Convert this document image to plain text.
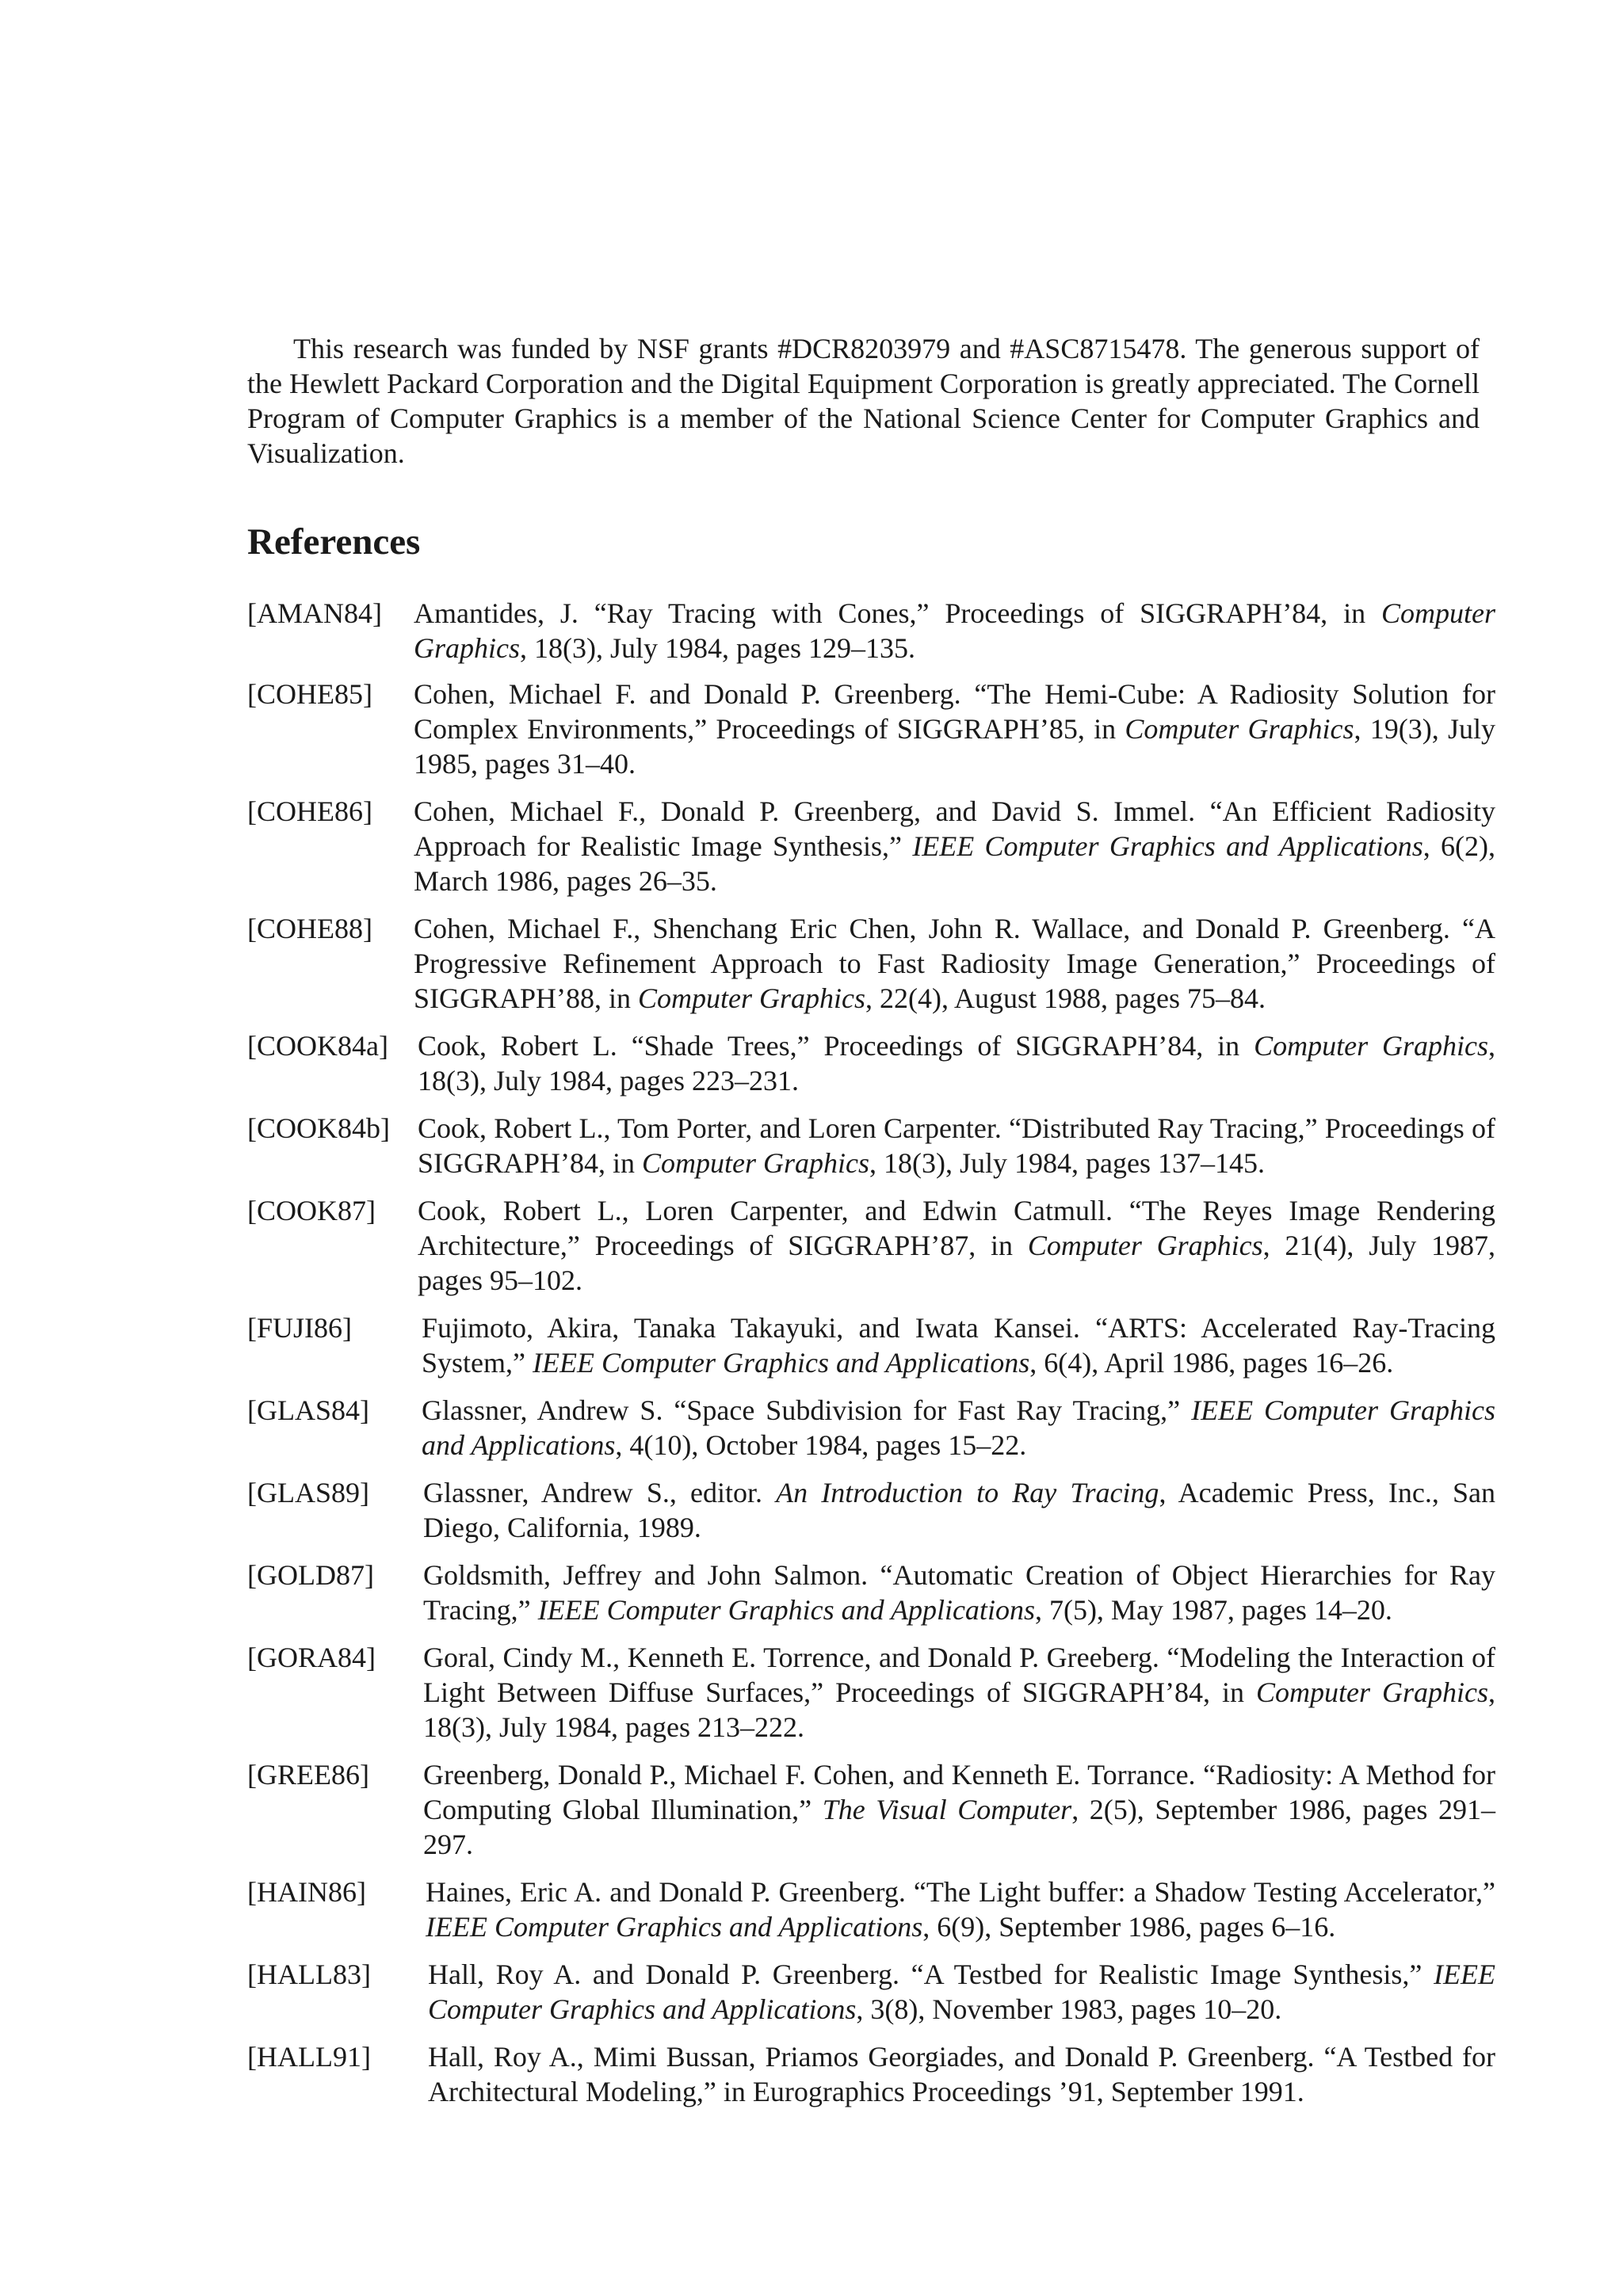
This research was funded by NSF grants #DCR8203979 and #ASC8715478. The generous support of the Hewlett Packard Corporation and the Digital Equipment Corporation is greatly appreciated. The Cornell Program of Computer Graphics is a member of the National Science Center for Computer Graphics and Visualization.

References
[AMAN84] Amantides, J. “Ray Tracing with Cones,” Proceedings of SIGGRAPH’84, in Computer Graphics, 18(3), July 1984, pages 129–135.
[COHE85] Cohen, Michael F. and Donald P. Greenberg. “The Hemi-Cube: A Radiosity Solution for Complex Environments,” Proceedings of SIGGRAPH’85, in Computer Graphics, 19(3), July 1985, pages 31–40.
[COHE86] Cohen, Michael F., Donald P. Greenberg, and David S. Immel. “An Efficient Radiosity Approach for Realistic Image Synthesis,” IEEE Computer Graphics and Applications, 6(2), March 1986, pages 26–35.
[COHE88] Cohen, Michael F., Shenchang Eric Chen, John R. Wallace, and Donald P. Greenberg. “A Progressive Refinement Approach to Fast Radiosity Image Generation,” Proceedings of SIGGRAPH’88, in Computer Graphics, 22(4), August 1988, pages 75–84.
[COOK84a] Cook, Robert L. “Shade Trees,” Proceedings of SIGGRAPH’84, in Computer Graphics, 18(3), July 1984, pages 223–231.
[COOK84b] Cook, Robert L., Tom Porter, and Loren Carpenter. “Distributed Ray Tracing,” Proceedings of SIGGRAPH’84, in Computer Graphics, 18(3), July 1984, pages 137–145.
[COOK87] Cook, Robert L., Loren Carpenter, and Edwin Catmull. “The Reyes Image Rendering Architecture,” Proceedings of SIGGRAPH’87, in Computer Graphics, 21(4), July 1987, pages 95–102.
[FUJI86] Fujimoto, Akira, Tanaka Takayuki, and Iwata Kansei. “ARTS: Accelerated Ray-Tracing System,” IEEE Computer Graphics and Applications, 6(4), April 1986, pages 16–26.
[GLAS84] Glassner, Andrew S. “Space Subdivision for Fast Ray Tracing,” IEEE Computer Graphics and Applications, 4(10), October 1984, pages 15–22.
[GLAS89] Glassner, Andrew S., editor. An Introduction to Ray Tracing, Academic Press, Inc., San Diego, California, 1989.
[GOLD87] Goldsmith, Jeffrey and John Salmon. “Automatic Creation of Object Hierarchies for Ray Tracing,” IEEE Computer Graphics and Applications, 7(5), May 1987, pages 14–20.
[GORA84] Goral, Cindy M., Kenneth E. Torrence, and Donald P. Greeberg. “Modeling the Interaction of Light Between Diffuse Surfaces,” Proceedings of SIGGRAPH’84, in Computer Graphics, 18(3), July 1984, pages 213–222.
[GREE86] Greenberg, Donald P., Michael F. Cohen, and Kenneth E. Torrance. “Radiosity: A Method for Computing Global Illumination,” The Visual Computer, 2(5), September 1986, pages 291–297.
[HAIN86] Haines, Eric A. and Donald P. Greenberg. “The Light buffer: a Shadow Testing Accelerator,” IEEE Computer Graphics and Applications, 6(9), September 1986, pages 6–16.
[HALL83] Hall, Roy A. and Donald P. Greenberg. “A Testbed for Realistic Image Synthesis,” IEEE Computer Graphics and Applications, 3(8), November 1983, pages 10–20.
[HALL91] Hall, Roy A., Mimi Bussan, Priamos Georgiades, and Donald P. Greenberg. “A Testbed for Architectural Modeling,” in Eurographics Proceedings ’91, September 1991.
